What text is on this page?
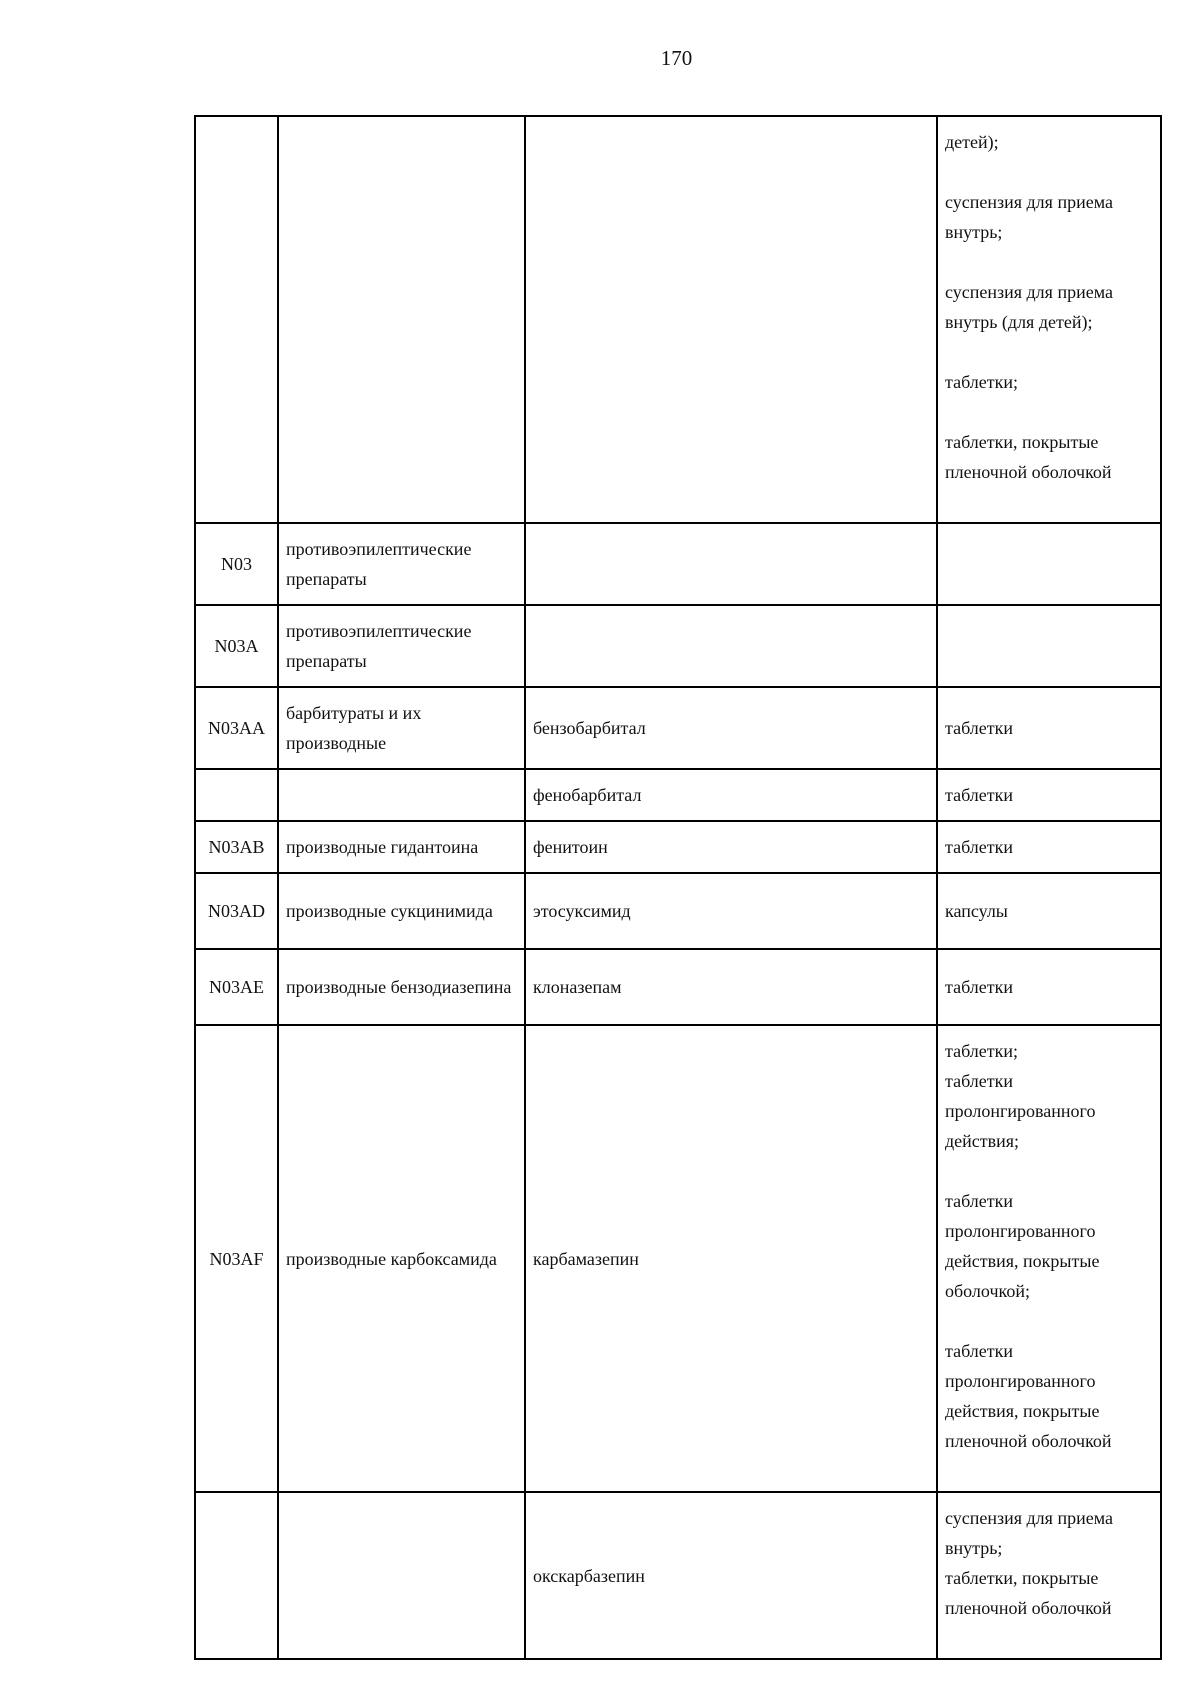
170

			детей);

суспензия для приема внутрь;

суспензия для приема внутрь (для детей);

таблетки;

таблетки, покрытые пленочной оболочкой

N03	противоэпилептические препараты		
N03A	противоэпилептические препараты		
N03AA	барбитураты и их производные	бензобарбитал	таблетки
		фенобарбитал	таблетки
N03AB	производные гидантоина	фенитоин	таблетки
N03AD	производные сукцинимида	этосуксимид	капсулы
N03AE	производные бензодиазепина	клоназепам	таблетки
N03AF	производные карбоксамида	карбамазепин	таблетки;

таблетки пролонгированного действия;

таблетки пролонгированного действия, покрытые оболочкой;

таблетки пролонгированного действия, покрытые пленочной оболочкой

		окскарбазепин	суспензия для приема внутрь;

таблетки, покрытые пленочной оболочкой
